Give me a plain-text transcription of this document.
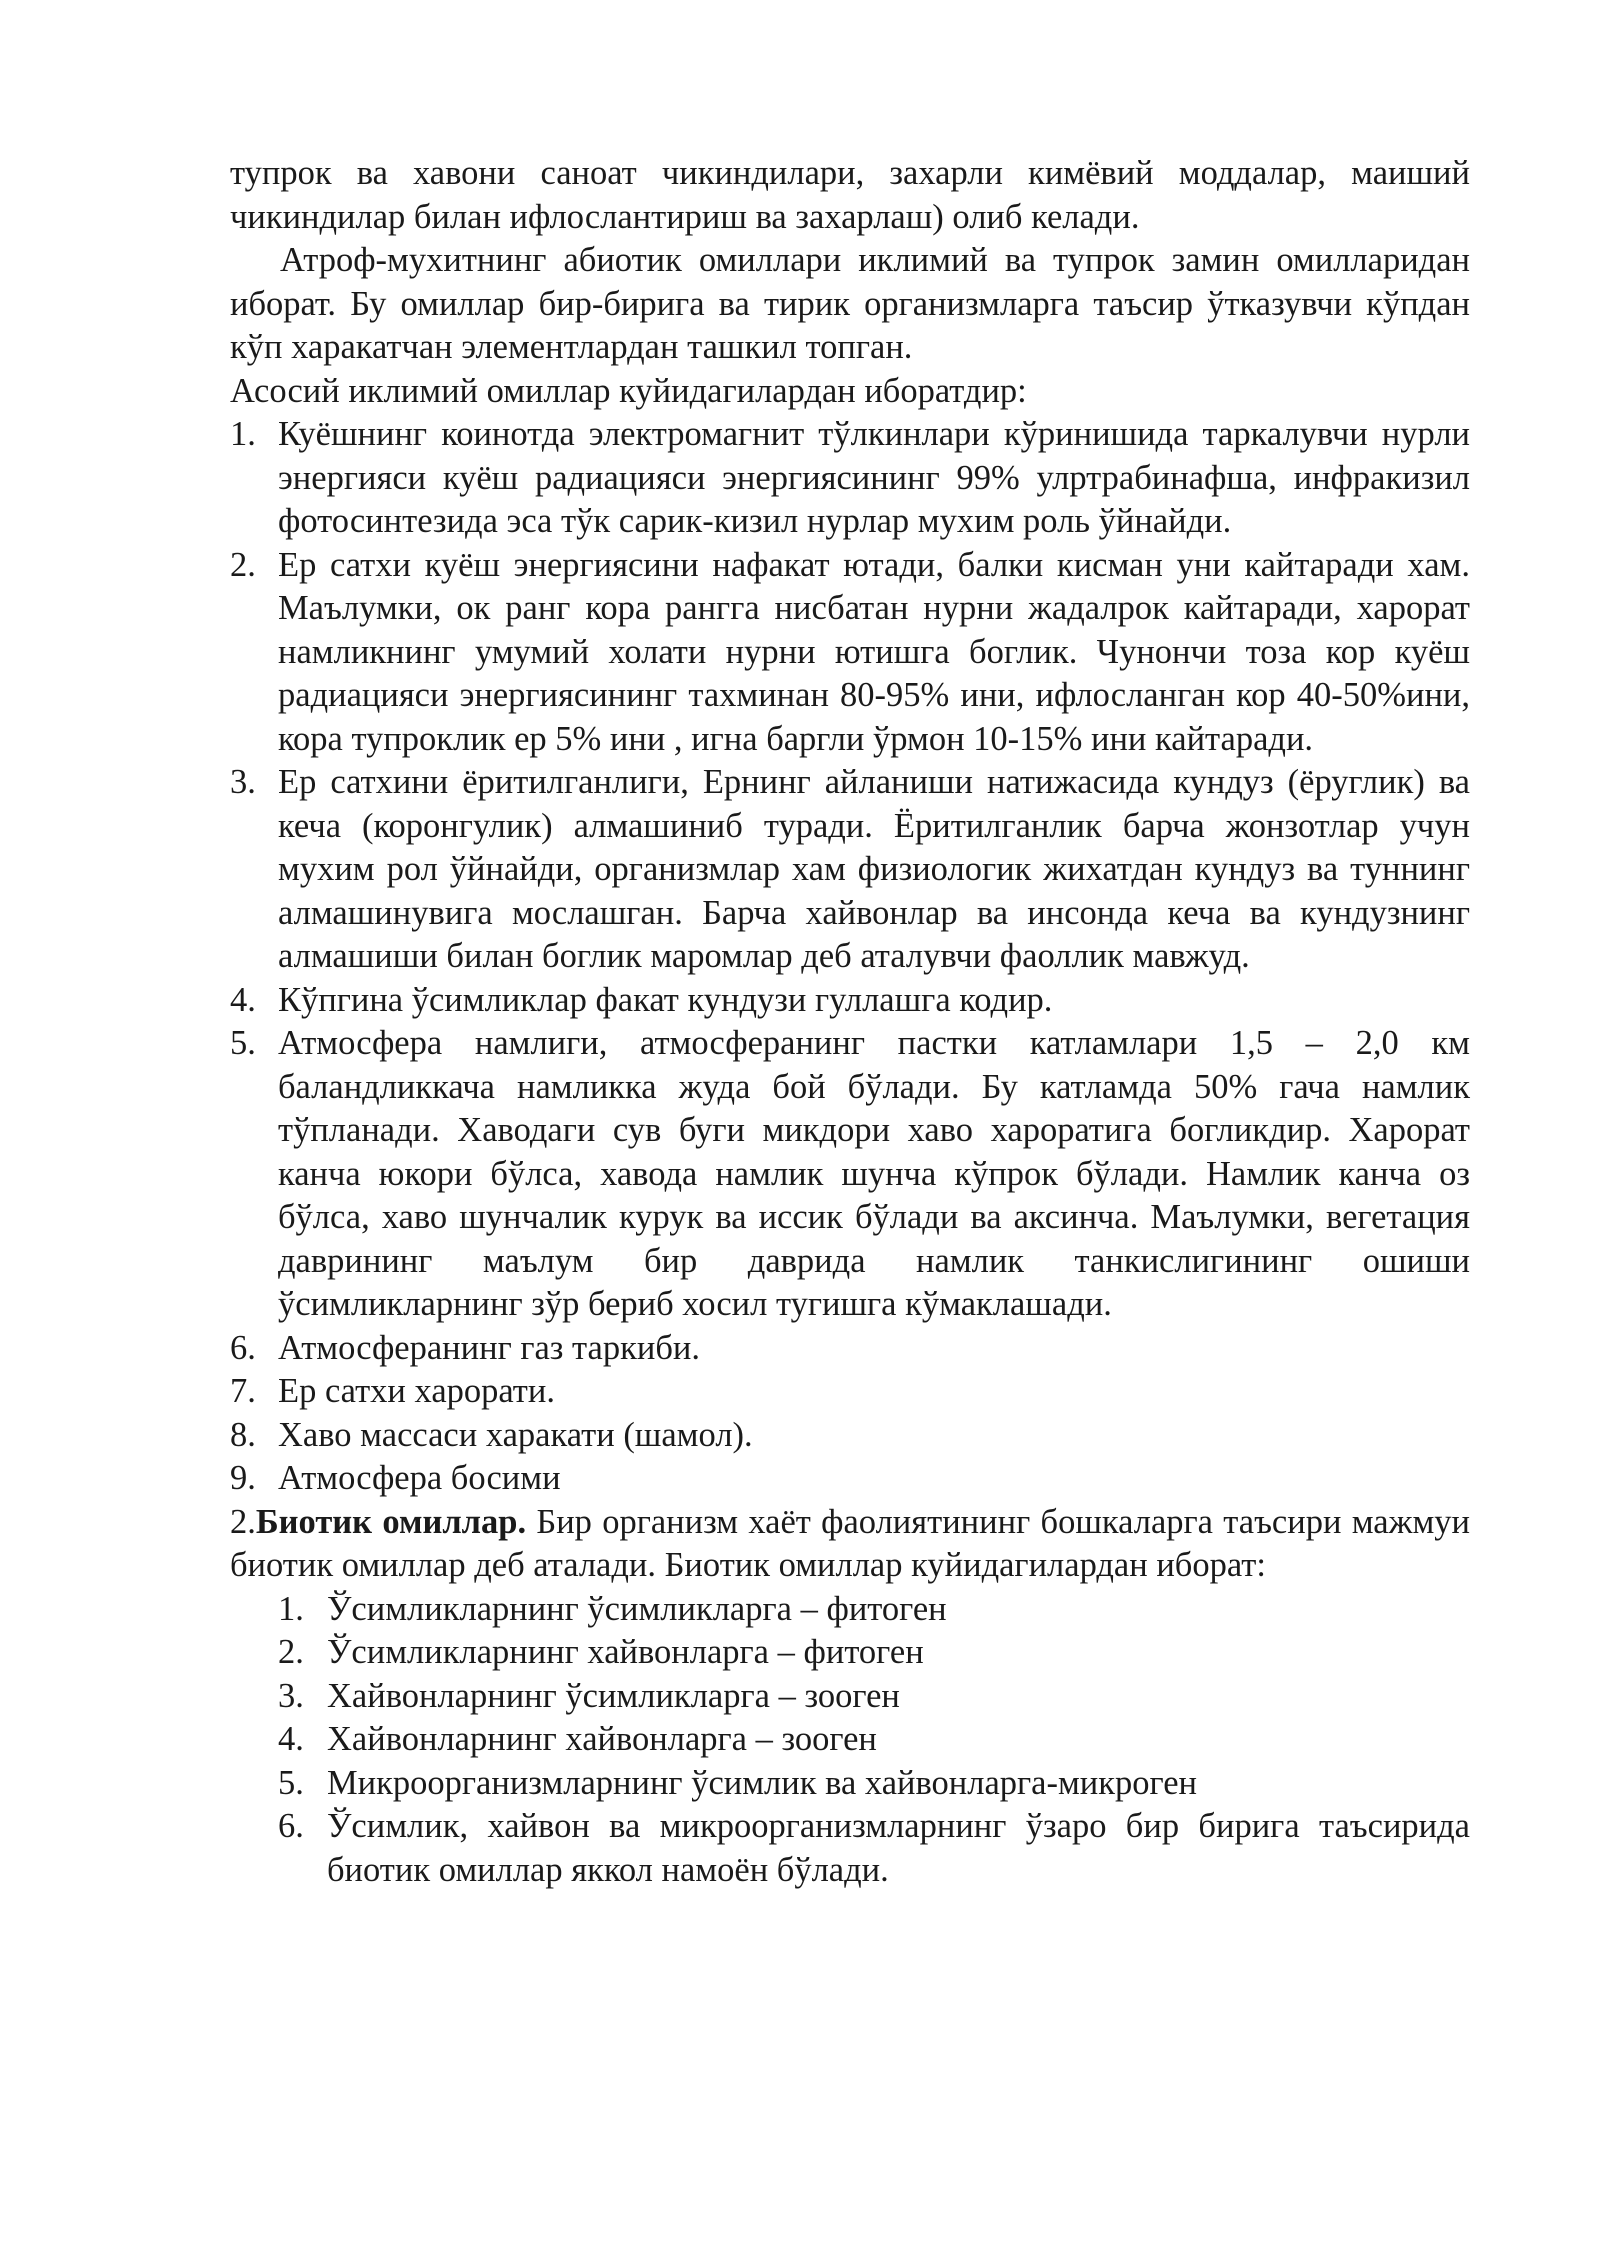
тупрок ва хавони саноат чикиндилари, захарли кимёвий моддалар, маиший чикиндилар билан ифлослантириш ва захарлаш) олиб келади.

Атроф-мухитнинг абиотик омиллари иклимий ва тупрок замин омилларидан иборат. Бу омиллар бир-бирига ва тирик организмларга таъсир ўтказувчи кўпдан кўп харакатчан элементлардан ташкил топган.

Асосий иклимий омиллар куйидагилардан иборатдир:

1. Куёшнинг коинотда электромагнит тўлкинлари кўринишида таркалувчи нурли энергияси куёш радиацияси энергиясининг 99% улртрабинафша, инфракизил фотосинтезида эса тўк сарик-кизил нурлар мухим роль ўйнайди.
2. Ер сатхи куёш энергиясини нафакат ютади, балки кисман уни кайтаради хам. Маълумки, ок ранг кора рангга нисбатан нурни жадалрок кайтаради, харорат намликнинг умумий холати нурни ютишга боглик. Чунончи тоза кор куёш радиацияси энергиясининг тахминан 80-95% ини, ифлосланган кор 40-50%ини, кора тупроклик ер 5% ини , игна баргли ўрмон 10-15% ини кайтаради.
3. Ер сатхини ёритилганлиги, Ернинг айланиши натижасида кундуз (ёруглик) ва кеча (коронгулик) алмашиниб туради. Ёритилганлик барча жонзотлар учун мухим рол ўйнайди, организмлар хам физиологик жихатдан кундуз ва туннинг алмашинувига мослашган. Барча хайвонлар ва инсонда кеча ва кундузнинг алмашиши билан боглик маромлар деб аталувчи фаоллик мавжуд.
4. Кўпгина ўсимликлар факат кундузи гуллашга кодир.
5. Атмосфера намлиги, атмосферанинг пастки катламлари 1,5 – 2,0 км баландликкача намликка жуда бой бўлади. Бу катламда 50% гача намлик тўпланади. Хаводаги сув буги микдори хаво хароратига богликдир. Харорат канча юкори бўлса, хавода намлик шунча кўпрок бўлади. Намлик канча оз бўлса, хаво шунчалик курук ва иссик бўлади ва аксинча. Маълумки, вегетация даврининг маълум бир даврида намлик танкислигининг ошиши ўсимликларнинг зўр бериб хосил тугишга кўмаклашади.
6. Атмосферанинг газ таркиби.
7. Ер сатхи харорати.
8. Хаво массаси харакати (шамол).
9. Атмосфера босими

2.Биотик омиллар. Бир организм хаёт фаолиятининг бошкаларга таъсири мажмуи биотик омиллар деб аталади. Биотик омиллар куйидагилардан иборат:

1. Ўсимликларнинг ўсимликларга – фитоген
2. Ўсимликларнинг хайвонларга – фитоген
3. Хайвонларнинг ўсимликларга – зооген
4. Хайвонларнинг хайвонларга – зооген
5. Микроорганизмларнинг ўсимлик ва хайвонларга-микроген
6. Ўсимлик, хайвон ва микроорганизмларнинг ўзаро бир бирига таъсирида биотик омиллар яккол намоён бўлади.
